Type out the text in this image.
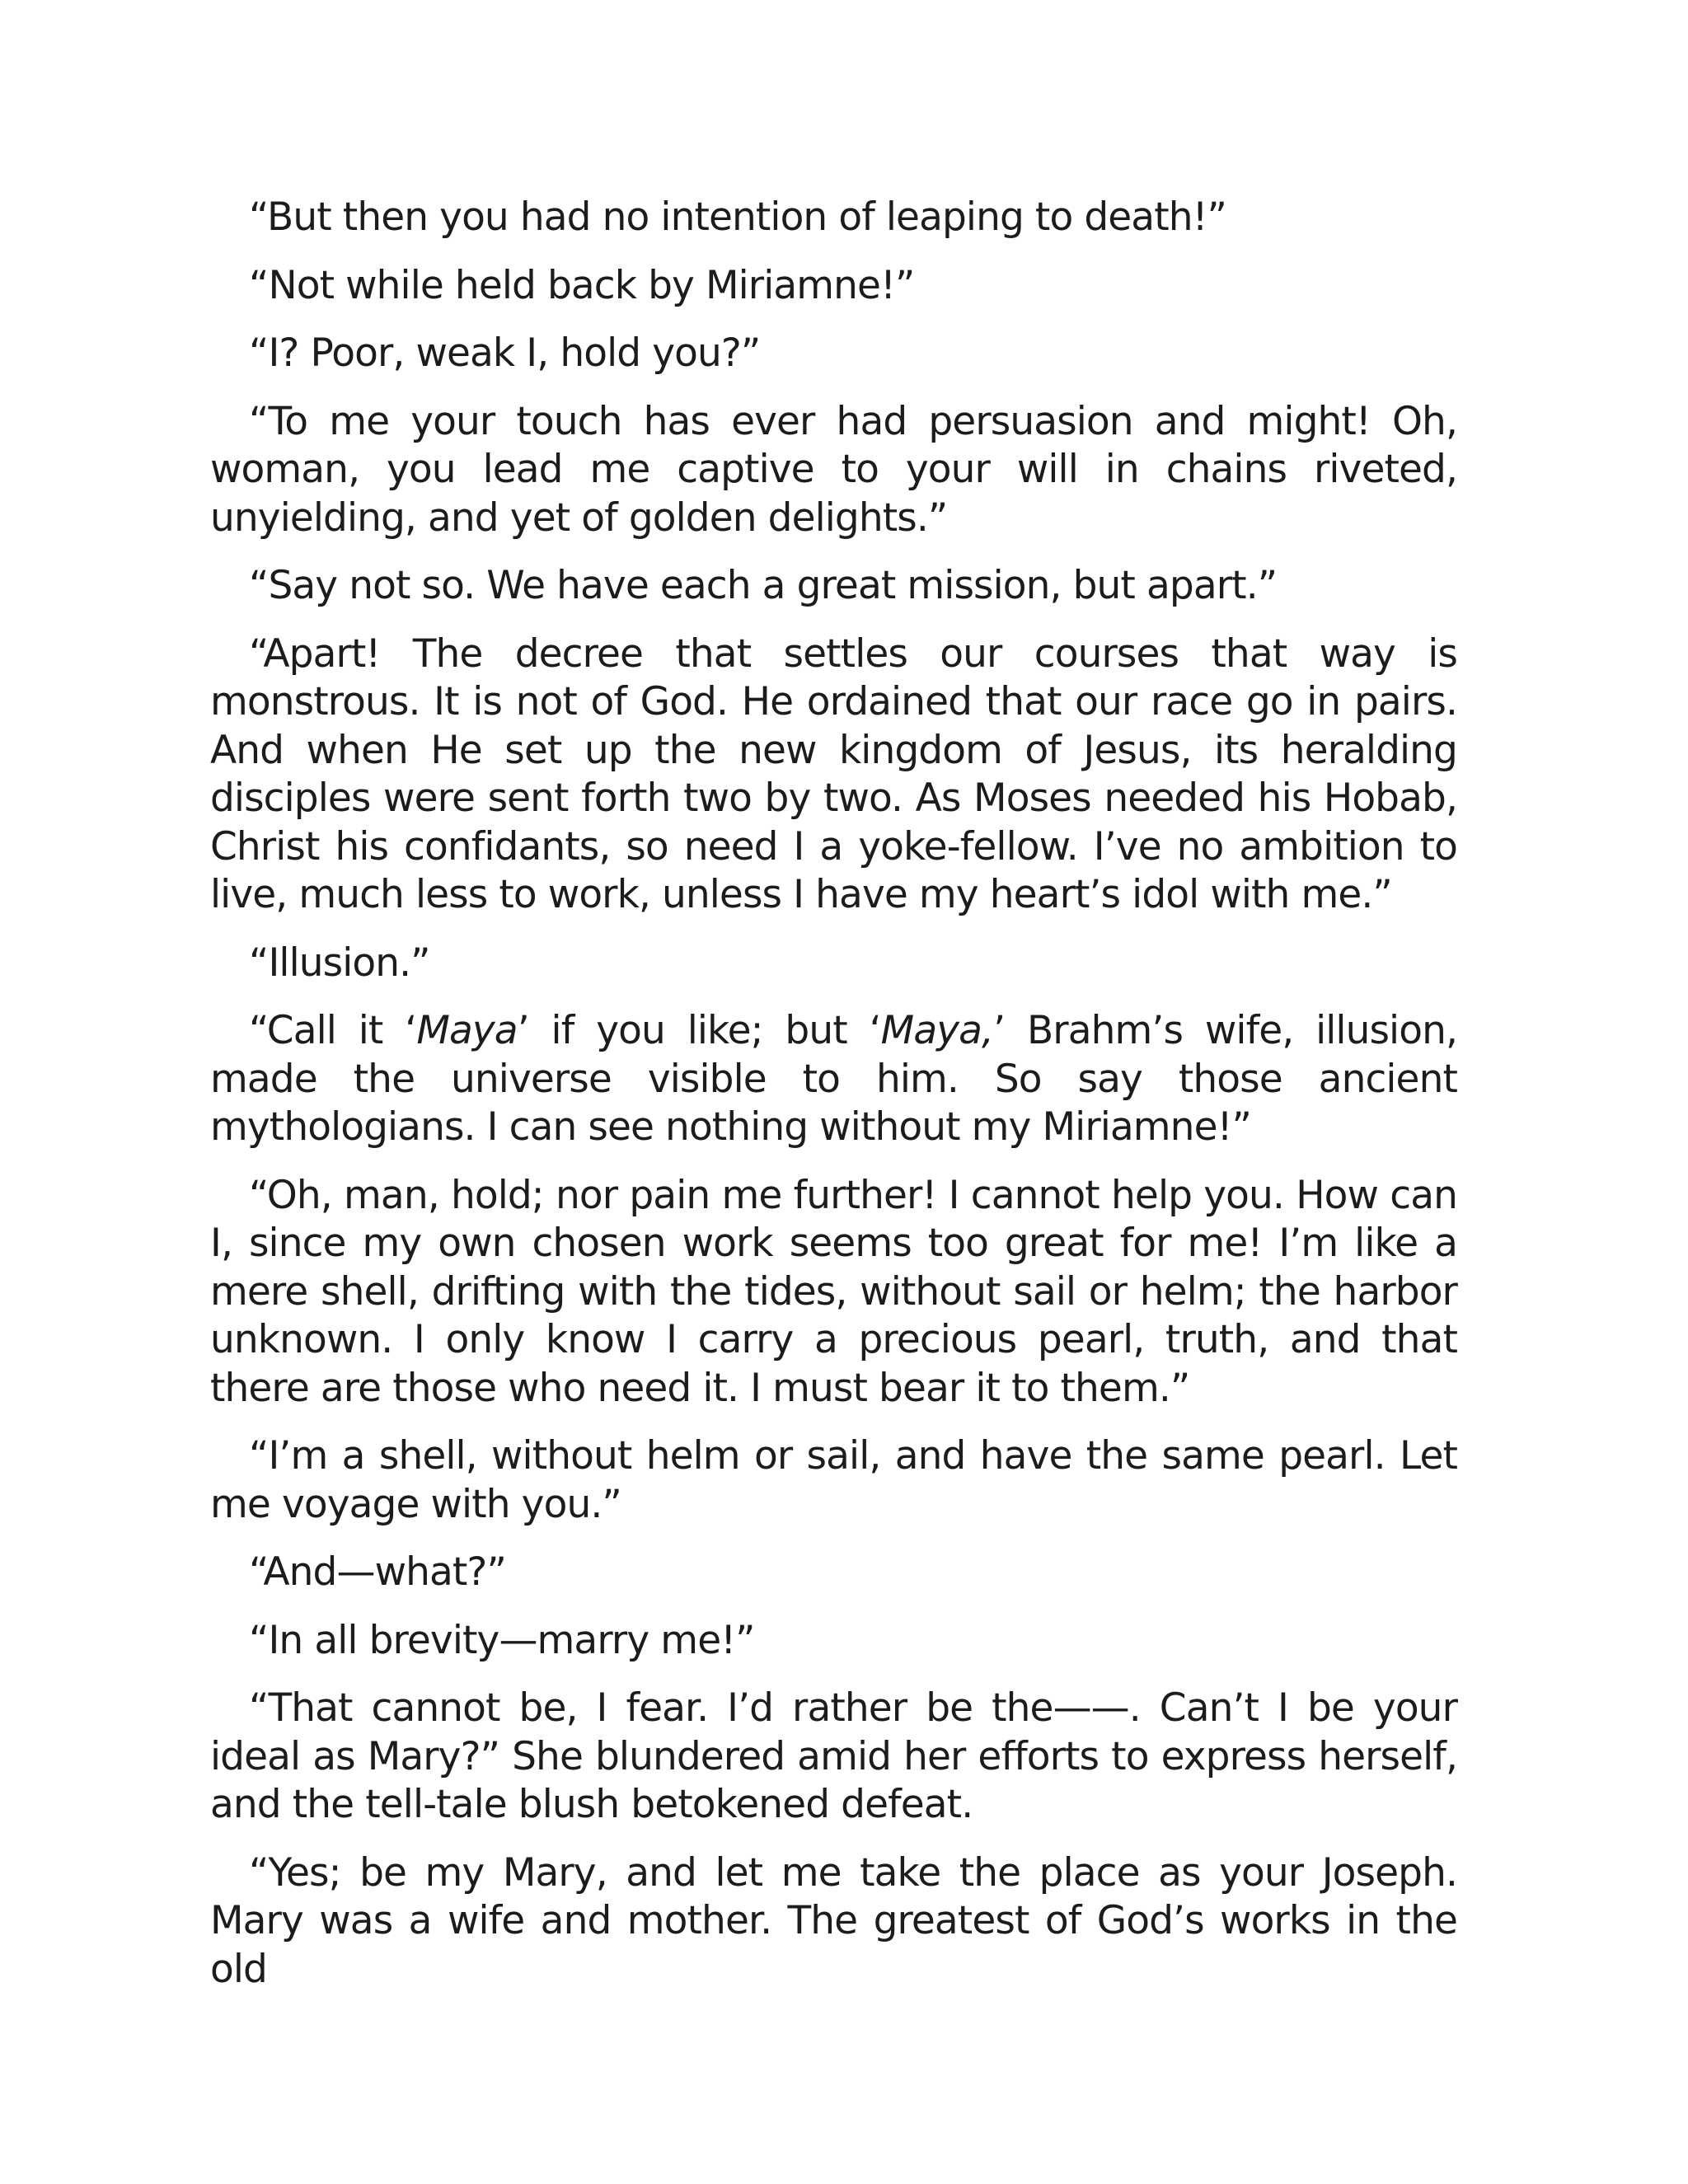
“But then you had no intention of leaping to death!”

“Not while held back by Miriamne!”

“I? Poor, weak I, hold you?”

“To me your touch has ever had persuasion and might! Oh, woman, you lead me captive to your will in chains riveted, unyielding, and yet of golden delights.”

“Say not so. We have each a great mission, but apart.”

“Apart! The decree that settles our courses that way is monstrous. It is not of God. He ordained that our race go in pairs. And when He set up the new kingdom of Jesus, its heralding disciples were sent forth two by two. As Moses needed his Hobab, Christ his confidants, so need I a yoke-fellow. I’ve no ambition to live, much less to work, unless I have my heart’s idol with me.”

“Illusion.”

“Call it ‘Maya’ if you like; but ‘Maya,’ Brahm’s wife, illusion, made the universe visible to him. So say those ancient mythologians. I can see nothing without my Miriamne!”

“Oh, man, hold; nor pain me further! I cannot help you. How can I, since my own chosen work seems too great for me! I’m like a mere shell, drifting with the tides, without sail or helm; the harbor unknown. I only know I carry a precious pearl, truth, and that there are those who need it. I must bear it to them.”

“I’m a shell, without helm or sail, and have the same pearl. Let me voyage with you.”

“And—what?”

“In all brevity—marry me!”

“That cannot be, I fear. I’d rather be the——. Can’t I be your ideal as Mary?” She blundered amid her efforts to express herself, and the tell-tale blush betokened defeat.

“Yes; be my Mary, and let me take the place as your Joseph. Mary was a wife and mother. The greatest of God’s works in the old
